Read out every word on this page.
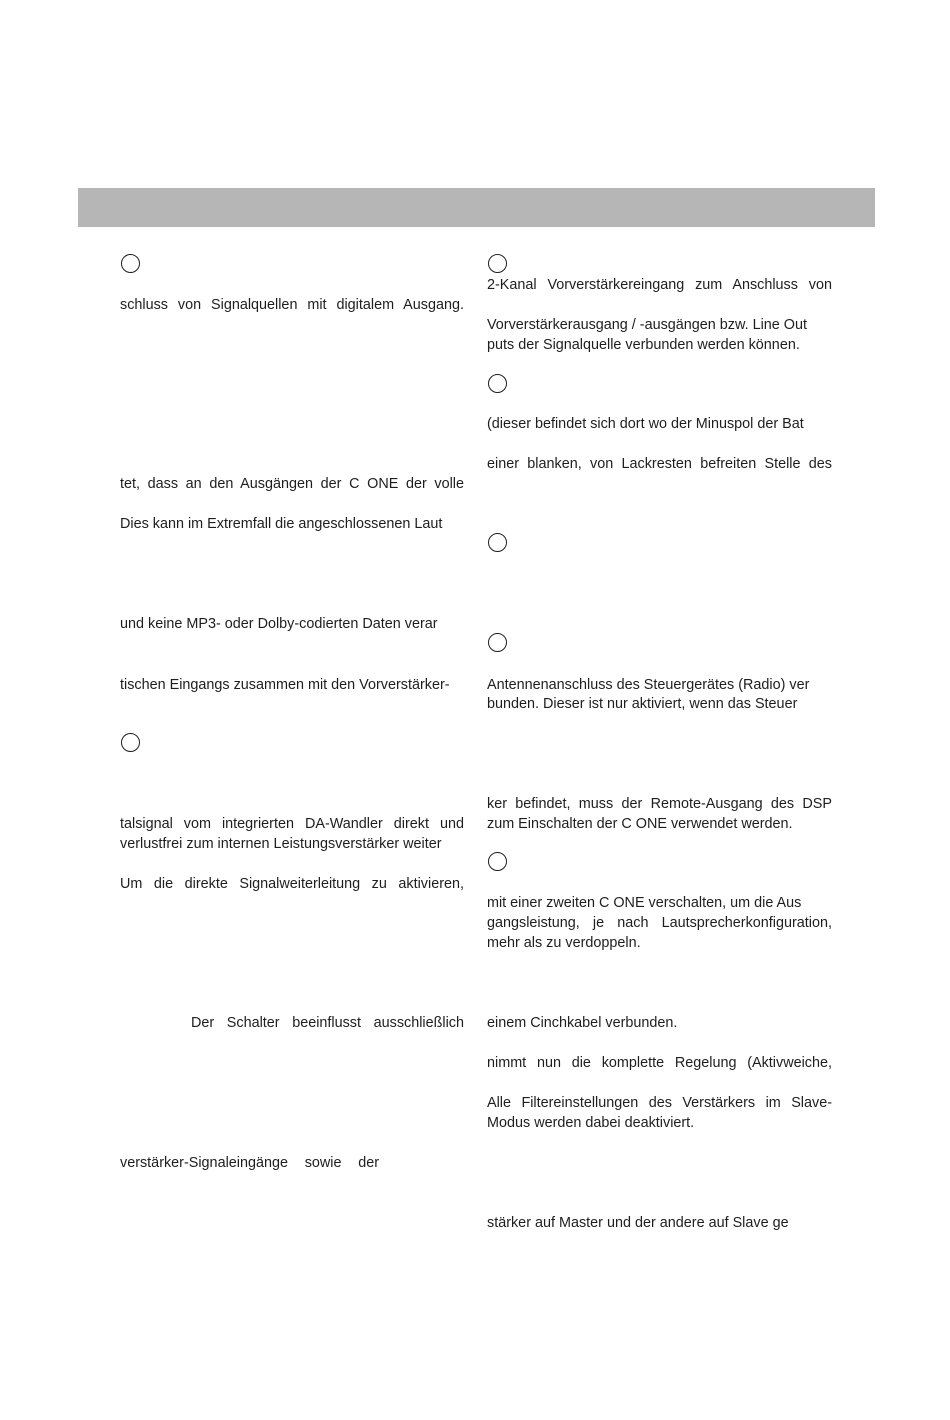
schluss von Signalquellen mit digitalem Ausgang.
tet, dass an den Ausgängen der C ONE der volle
Dies kann im Extremfall die angeschlossenen Laut
und keine MP3- oder Dolby-codierten Daten verar
tischen Eingangs zusammen mit den Vorverstärker-
talsignal vom integrierten DA-Wandler direkt und
verlustfrei zum internen Leistungsverstärker weiter
Um die direkte Signalweiterleitung zu aktivieren,
Der Schalter beeinflusst ausschließlich
verstärker-Signaleingänge sowie der
2-Kanal Vorverstärkereingang zum Anschluss von
Vorverstärkerausgang / -ausgängen bzw. Line Out
puts der Signalquelle verbunden werden können.
(dieser befindet sich dort wo der Minuspol der Bat
einer blanken, von Lackresten befreiten Stelle des
Antennenanschluss des Steuergerätes (Radio) ver
bunden. Dieser ist nur aktiviert, wenn das Steuer
ker befindet, muss der Remote-Ausgang des DSP
zum Einschalten der C ONE verwendet werden.
mit einer zweiten C ONE verschalten, um die Aus
gangsleistung, je nach Lautsprecherkonfiguration,
mehr als zu verdoppeln.
einem Cinchkabel verbunden.
nimmt nun die komplette Regelung (Aktivweiche,
Alle Filtereinstellungen des Verstärkers im Slave-
Modus werden dabei deaktiviert.
stärker auf Master und der andere auf Slave ge
